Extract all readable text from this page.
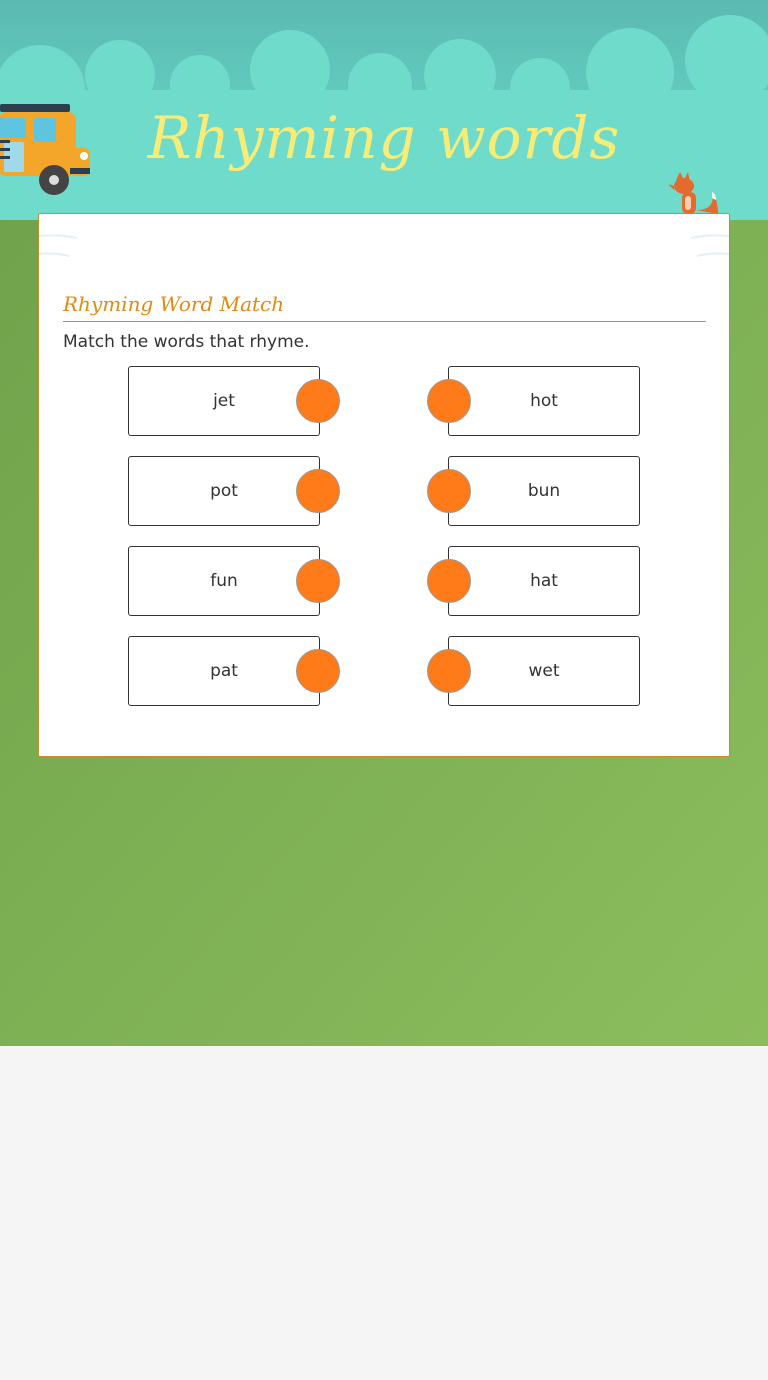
Rhyming words
Rhyming Word Match
Match the words that rhyme.
jet	hot
pot	bun
fun	hat
pat	wet
